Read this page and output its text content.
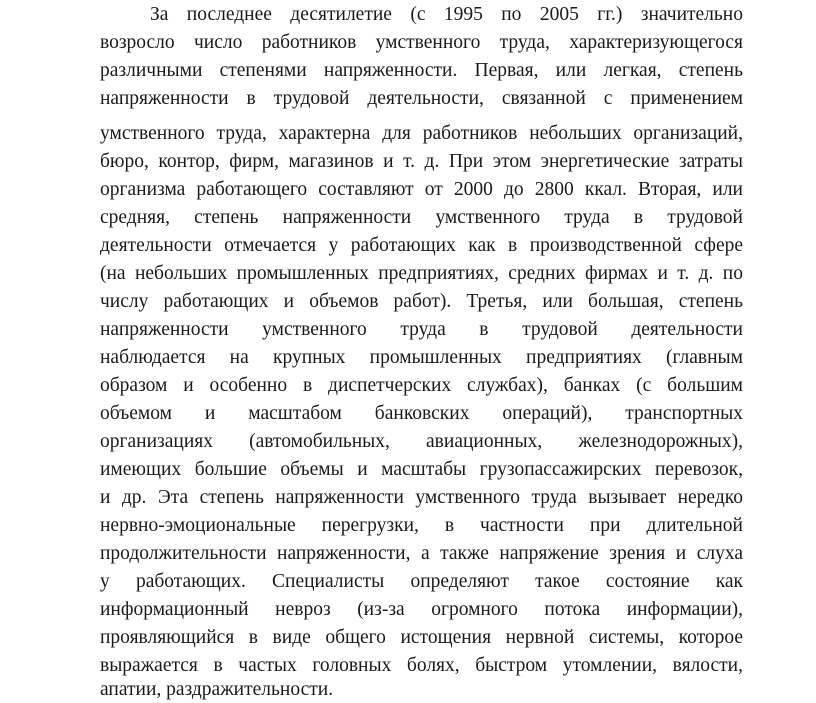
За последнее десятилетие (с 1995 по 2005 гг.) значительно
возросло число работников умственного труда, характеризующегося
различными степенями напряженности. Первая, или легкая, степень
напряженности в трудовой деятельности, связанной с применением
умственного труда, характерна для работников небольших организаций,
бюро, контор, фирм, магазинов и т. д. При этом энергетические затраты
организма работающего составляют от 2000 до 2800 ккал. Вторая, или
средняя, степень напряженности умственного труда в трудовой
деятельности отмечается у работающих как в производственной сфере
(на небольших промышленных предприятиях, средних фирмах и т. д. по
числу работающих и объемов работ). Третья, или большая, степень
напряженности умственного труда в трудовой деятельности
наблюдается на крупных промышленных предприятиях (главным
образом и особенно в диспетчерских службах), банках (с большим
объемом и масштабом банковских операций), транспортных
организациях (автомобильных, авиационных, железнодорожных),
имеющих большие объемы и масштабы грузопассажирских перевозок,
и др. Эта степень напряженности умственного труда вызывает нередко
нервно-эмоциональные перегрузки, в частности при длительной
продолжительности напряженности, а также напряжение зрения и слуха
у работающих. Специалисты определяют такое состояние как
информационный невроз (из-за огромного потока информации),
проявляющийся в виде общего истощения нервной системы, которое
выражается в частых головных болях, быстром утомлении, вялости,
апатии, раздражительности.
